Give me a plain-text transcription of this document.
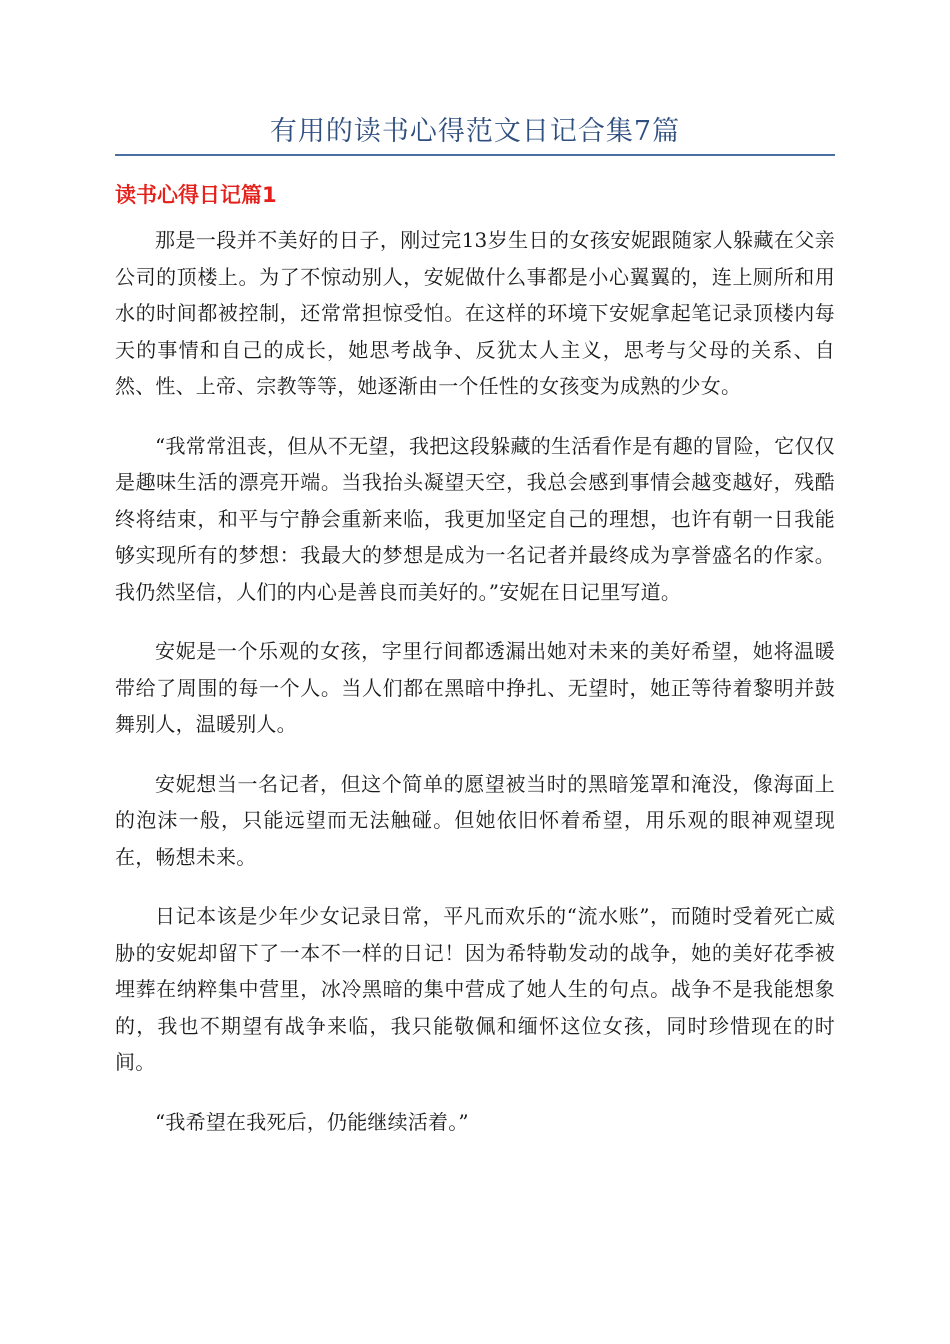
有用的读书心得范文日记合集7篇
读书心得日记篇1

那是一段并不美好的日子，刚过完13岁生日的女孩安妮跟随家人躲藏在父亲公司的顶楼上。为了不惊动别人，安妮做什么事都是小心翼翼的，连上厕所和用水的时间都被控制，还常常担惊受怕。在这样的环境下安妮拿起笔记录顶楼内每天的事情和自己的成长，她思考战争、反犹太人主义，思考与父母的关系、自然、性、上帝、宗教等等，她逐渐由一个任性的女孩变为成熟的少女。

“我常常沮丧，但从不无望，我把这段躲藏的生活看作是有趣的冒险，它仅仅是趣味生活的漂亮开端。当我抬头凝望天空，我总会感到事情会越变越好，残酷终将结束，和平与宁静会重新来临，我更加坚定自己的理想，也许有朝一日我能够实现所有的梦想：我最大的梦想是成为一名记者并最终成为享誉盛名的作家。我仍然坚信，人们的内心是善良而美好的。”安妮在日记里写道。

安妮是一个乐观的女孩，字里行间都透漏出她对未来的美好希望，她将温暖带给了周围的每一个人。当人们都在黑暗中挣扎、无望时，她正等待着黎明并鼓舞别人，温暖别人。

安妮想当一名记者，但这个简单的愿望被当时的黑暗笼罩和淹没，像海面上的泡沫一般，只能远望而无法触碰。但她依旧怀着希望，用乐观的眼神观望现在，畅想未来。

日记本该是少年少女记录日常，平凡而欢乐的“流水账”，而随时受着死亡威胁的安妮却留下了一本不一样的日记！因为希特勒发动的战争，她的美好花季被埋葬在纳粹集中营里，冰冷黑暗的集中营成了她人生的句点。战争不是我能想象的，我也不期望有战争来临，我只能敬佩和缅怀这位女孩，同时珍惜现在的时间。

“我希望在我死后，仍能继续活着。”
